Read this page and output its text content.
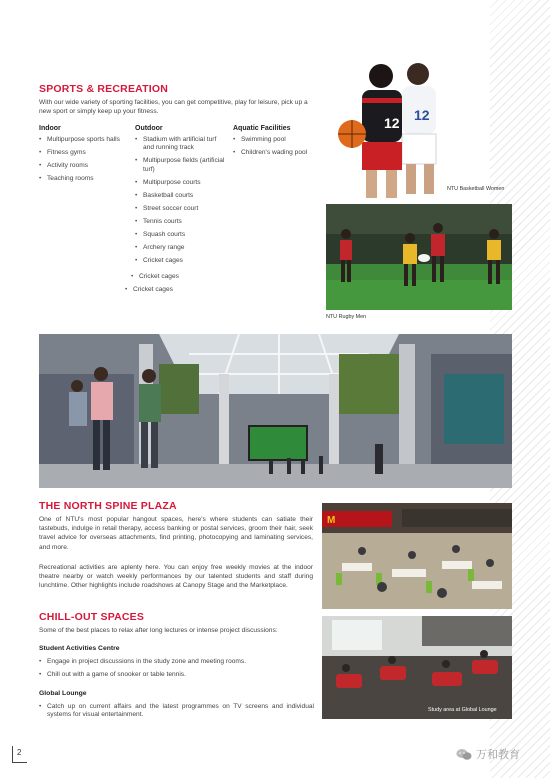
SPORTS & RECREATION

With our wide variety of sporting facilities, you can get competitive, play for leisure, pick up a new sport or simply keep up your fitness.

Indoor

• Multipurpose sports halls
• Fitness gyms
• Activity rooms
• Teaching rooms

Outdoor

• Stadium with artificial turf and running track
• Multipurpose fields (artificial turf)
• Multipurpose courts
• Basketball courts
• Street soccer court
• Tennis courts
• Squash courts
• Archery range
• Cricket cages
• Cricket cages
• Cricket cages

Aquatic Facilities

• Swimming pool
• Children's wading pool
12
12
NTU Basketball Women
NTU Rugby Men
THE NORTH SPINE PLAZA

One of NTU's most popular hangout spaces, here's where students can satiate their tastebuds, indulge in retail therapy, access banking or postal services, groom their hair, seek travel advice for overseas attachments, find printing, photocopying and laminating services, and more.

Recreational activities are aplenty here. You can enjoy free weekly movies at the indoor theatre nearby or watch weekly performances by our talented students and staff during lunchtime. Other highlights include roadshows at Canopy Stage and the Marketplace.

M
CHILL-OUT SPACES

Some of the best places to relax after long lectures or intense project discussions:

Student Activities Centre

• Engage in project discussions in the study zone and meeting rooms.
• Chill out with a game of snooker or table tennis.

Global Lounge

• Catch up on current affairs and the latest programmes on TV screens and individual systems for visual entertainment.
Study area at Global Lounge
2	万和教育
